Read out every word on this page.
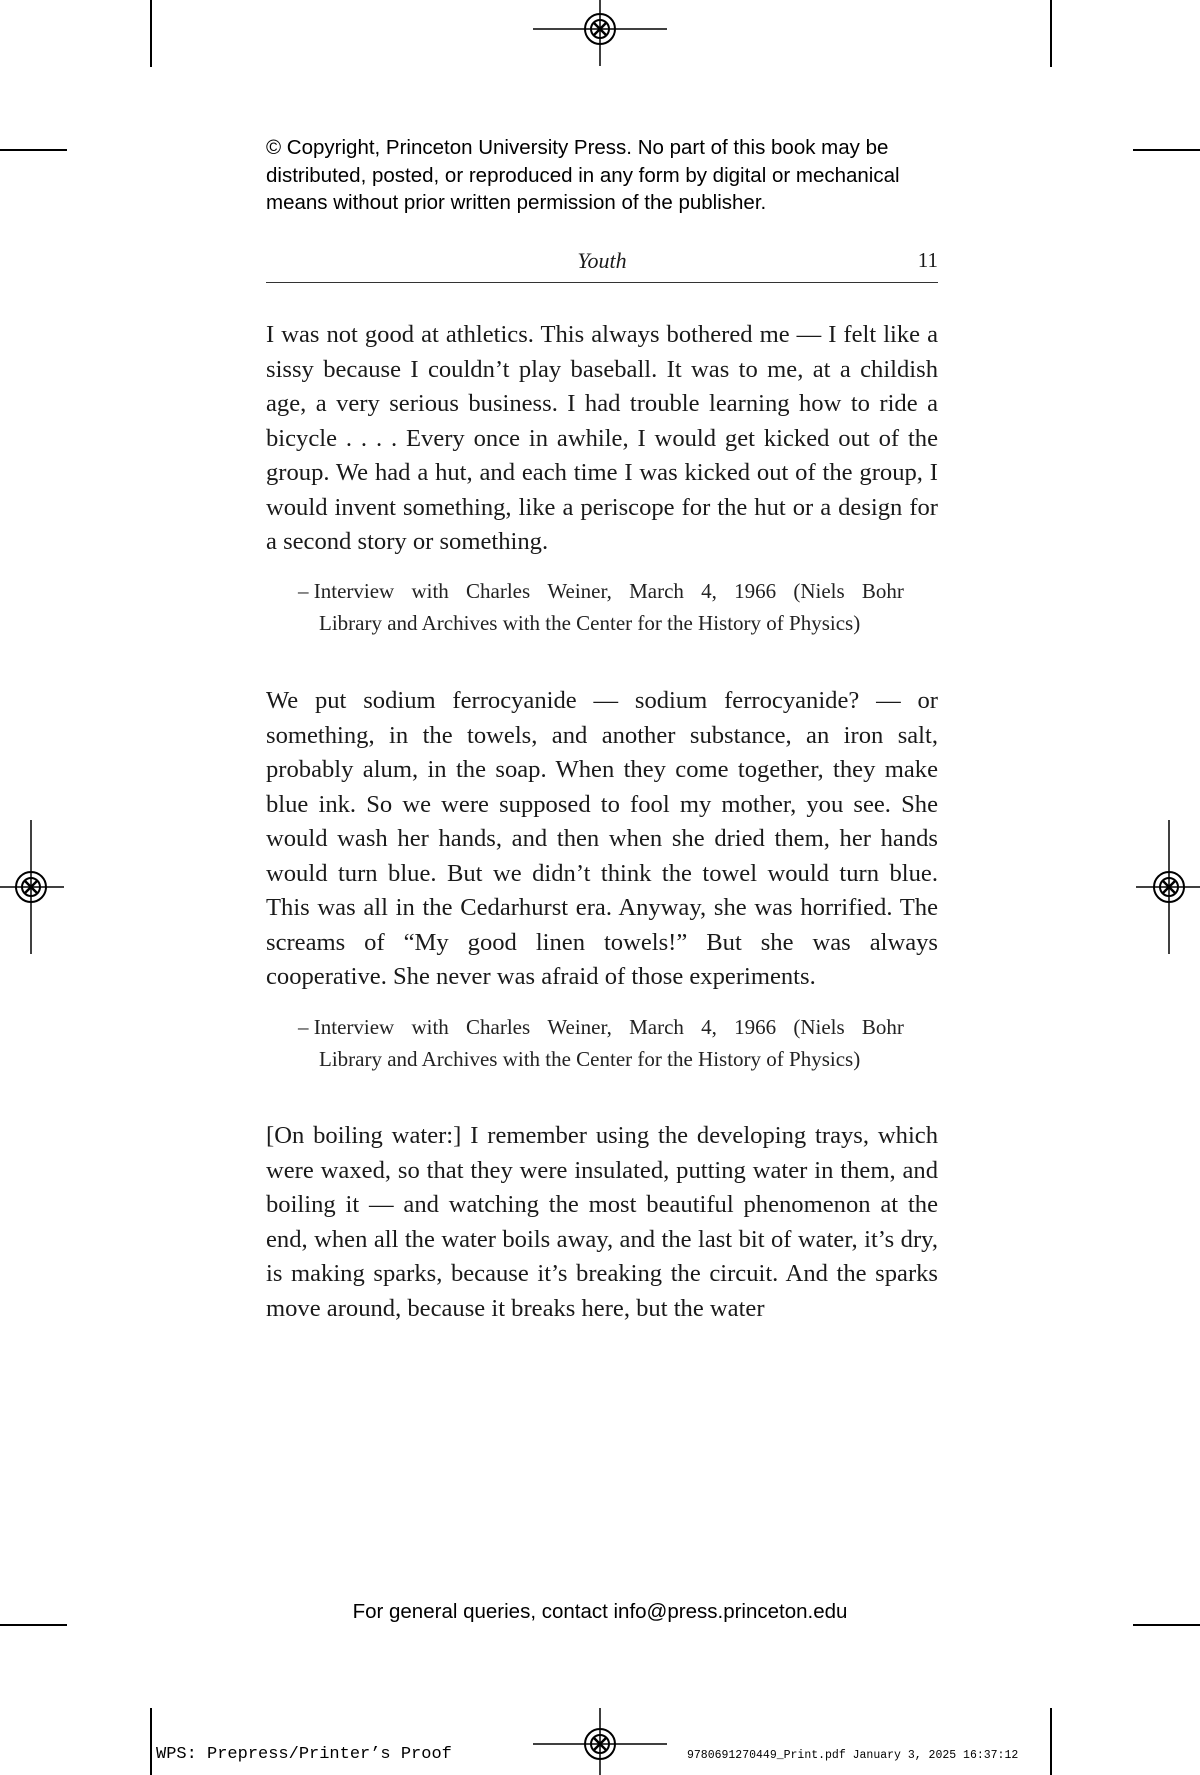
© Copyright, Princeton University Press. No part of this book may be

distributed, posted, or reproduced in any form by digital or mechanical

means without prior written permission of the publisher.

Youth	11

I was not good at athletics. This always bothered me — I felt like a sissy because I couldn’t play baseball. It was to me, at a childish age, a very serious business. I had trouble learning how to ride a bicycle . . . . Every once in awhile, I would get kicked out of the group. We had a hut, and each time I was kicked out of the group, I would invent something, like a periscope for the hut or a design for a second story or something.

– Interview with Charles Weiner, March 4, 1966 (Niels Bohr
Library and Archives with the Center for the History of Physics)

We put sodium ferrocyanide — sodium ferrocyanide? — or something, in the towels, and another substance, an iron salt, probably alum, in the soap. When they come together, they make blue ink. So we were supposed to fool my mother, you see. She would wash her hands, and then when she dried them, her hands would turn blue. But we didn’t think the towel would turn blue. This was all in the Cedarhurst era. Anyway, she was horrified. The screams of “My good linen towels!” But she was always cooperative. She never was afraid of those experiments.

– Interview with Charles Weiner, March 4, 1966 (Niels Bohr
Library and Archives with the Center for the History of Physics)

[On boiling water:] I remember using the developing trays, which were waxed, so that they were insulated, putting water in them, and boiling it — and watching the most beautiful phenomenon at the end, when all the water boils away, and the last bit of water, it’s dry, is making sparks, because it’s breaking the circuit. And the sparks move around, because it breaks here, but the water

For general queries, contact info@press.princeton.edu
WPS: Prepress/Printer’s Proof	9780691270449_Print.pdf January 3, 2025 16:37:12
